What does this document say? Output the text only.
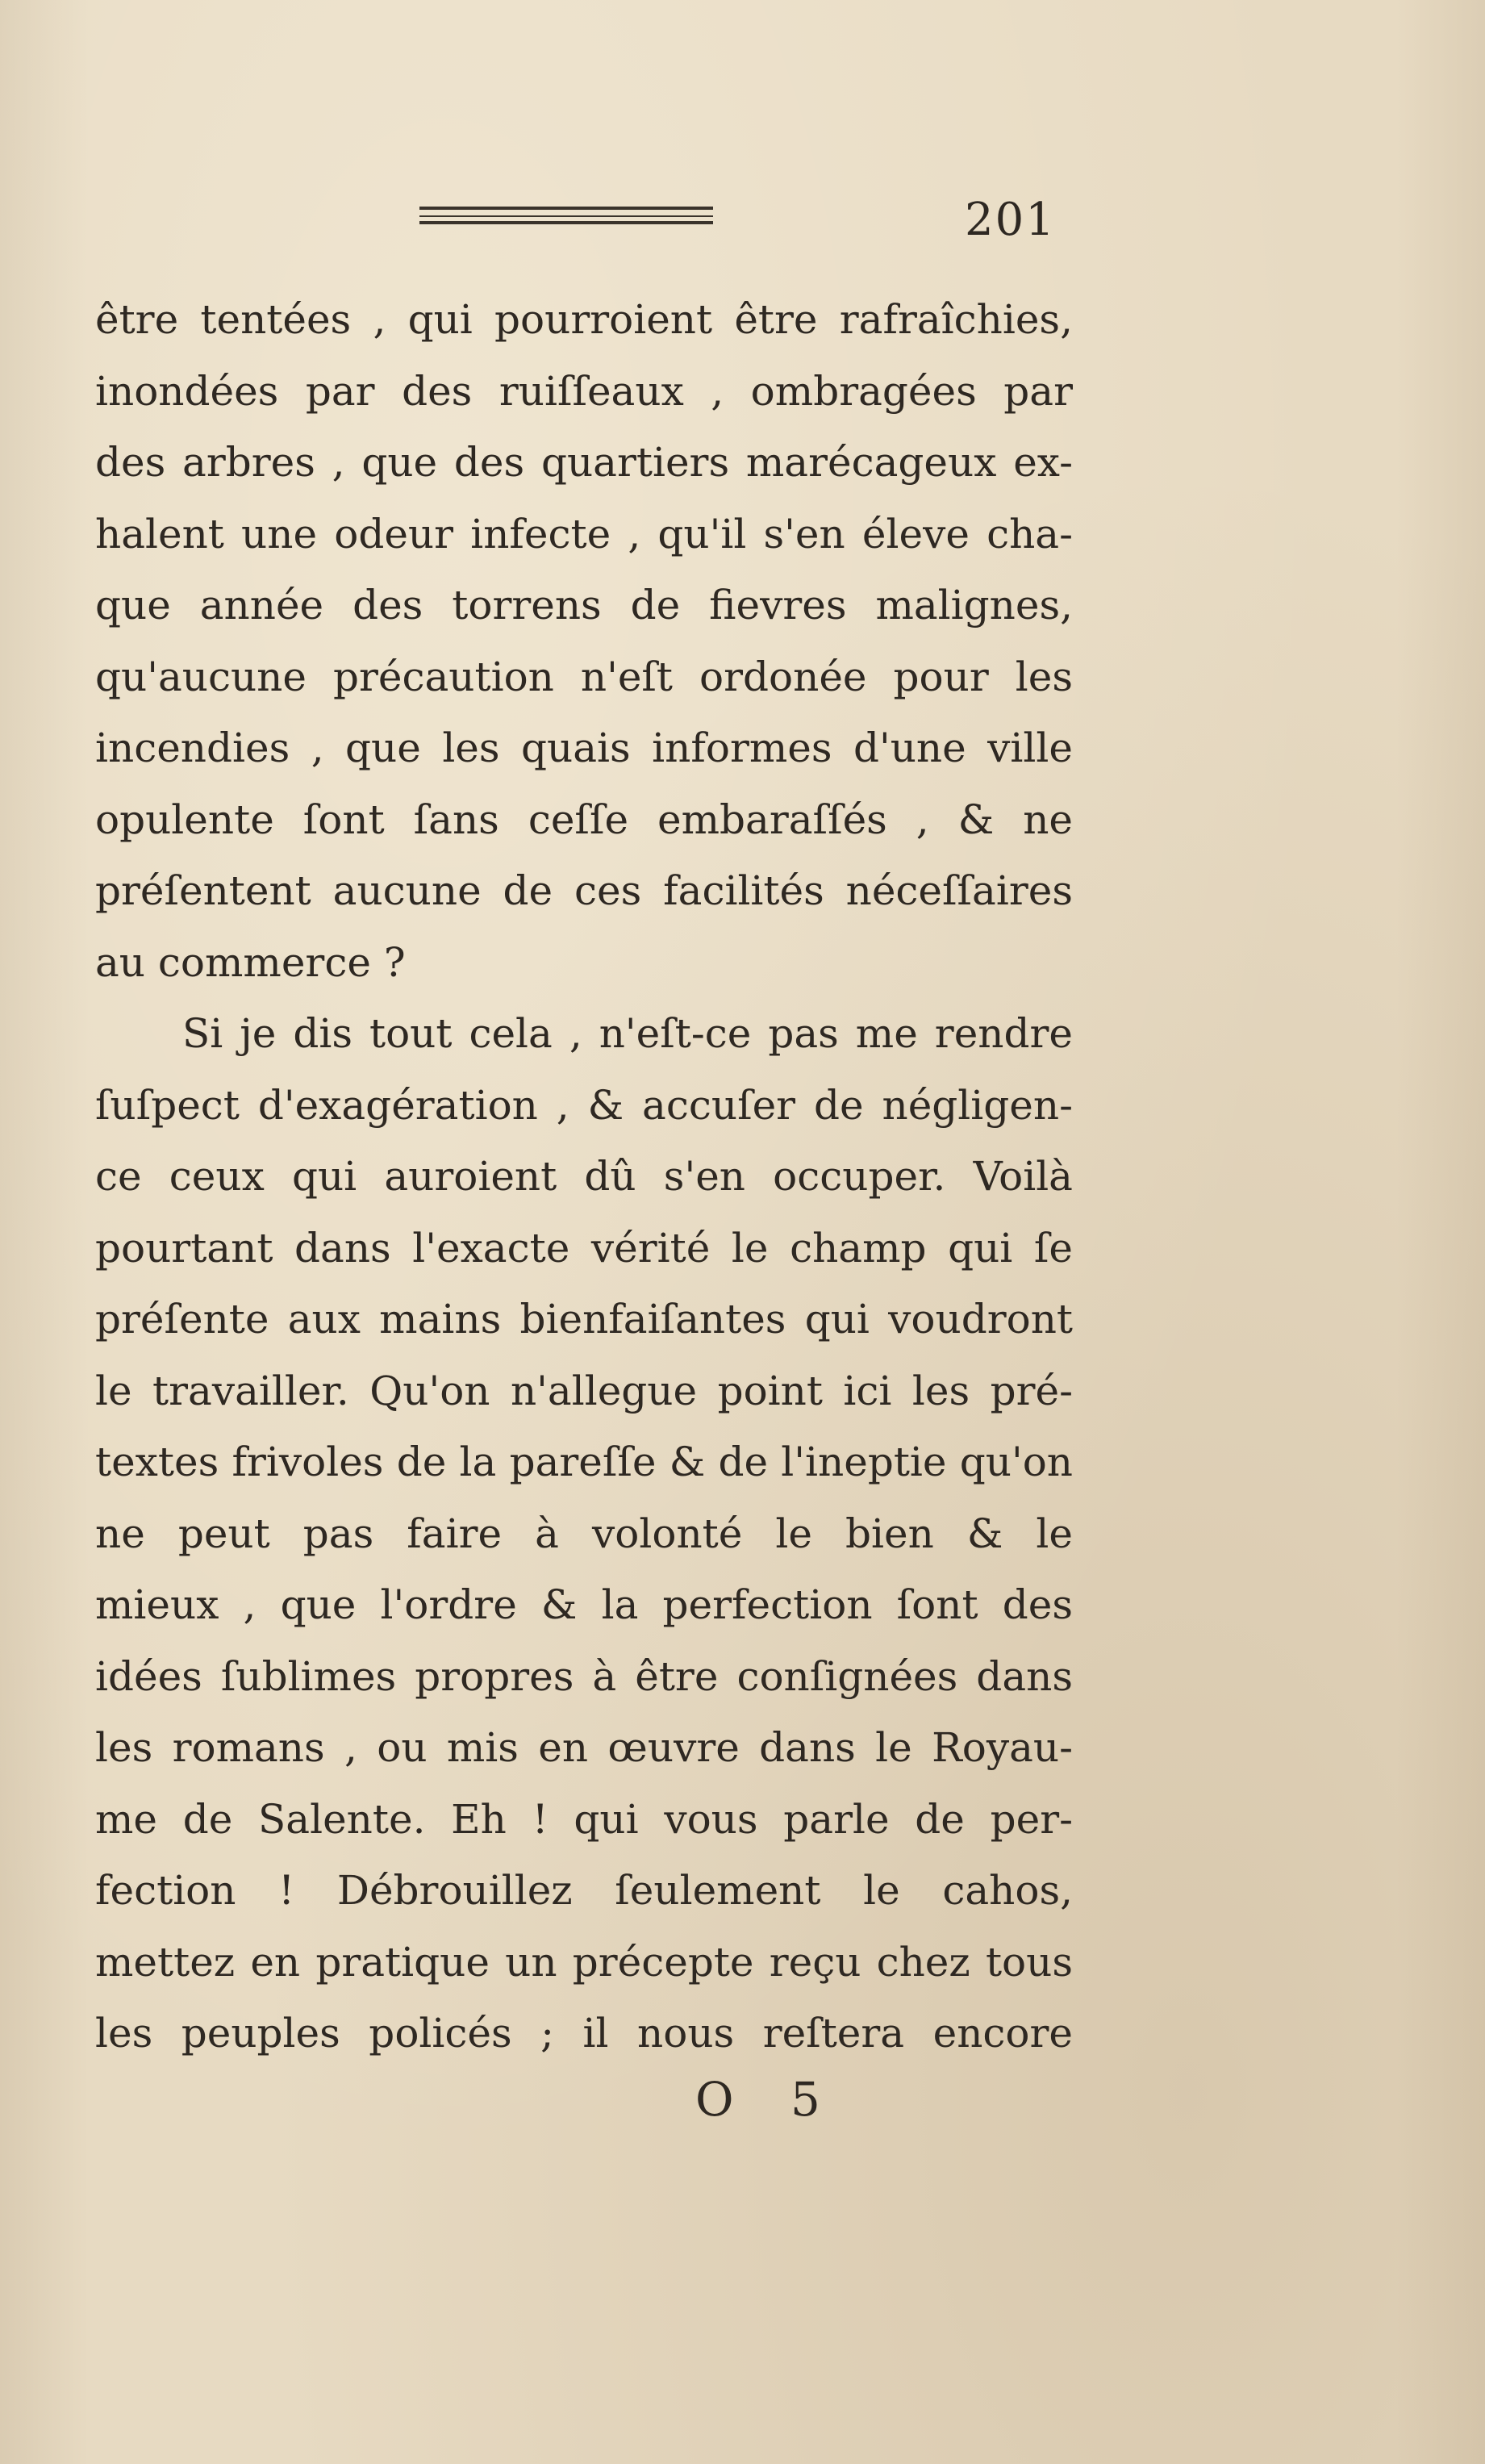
201
être tentées , qui pourroient être rafraîchies,
inondées par des ruiſſeaux , ombragées par
des arbres , que des quartiers marécageux ex-
halent une odeur infecte , qu'il s'en éleve cha-
que année des torrens de fievres malignes,
qu'aucune précaution n'eſt ordonée pour les
incendies , que les quais informes d'une ville
opulente ſont ſans ceſſe embaraſſés , & ne
préſentent aucune de ces facilités néceſſaires
au commerce ?
Si je dis tout cela , n'eſt-ce pas me rendre
ſuſpect d'exagération , & accuſer de négligen-
ce ceux qui auroient dû s'en occuper. Voilà
pourtant dans l'exacte vérité le champ qui ſe
préſente aux mains bienfaiſantes qui voudront
le travailler. Qu'on n'allegue point ici les pré-
textes frivoles de la pareſſe & de l'ineptie qu'on
ne peut pas faire à volonté le bien & le
mieux , que l'ordre & la perfection ſont des
idées ſublimes propres à être conſignées dans
les romans , ou mis en œuvre dans le Royau-
me de Salente. Eh ! qui vous parle de per-
fection ! Débrouillez ſeulement le cahos,
mettez en pratique un précepte reçu chez tous
les peuples policés ; il nous reſtera encore
O 5
